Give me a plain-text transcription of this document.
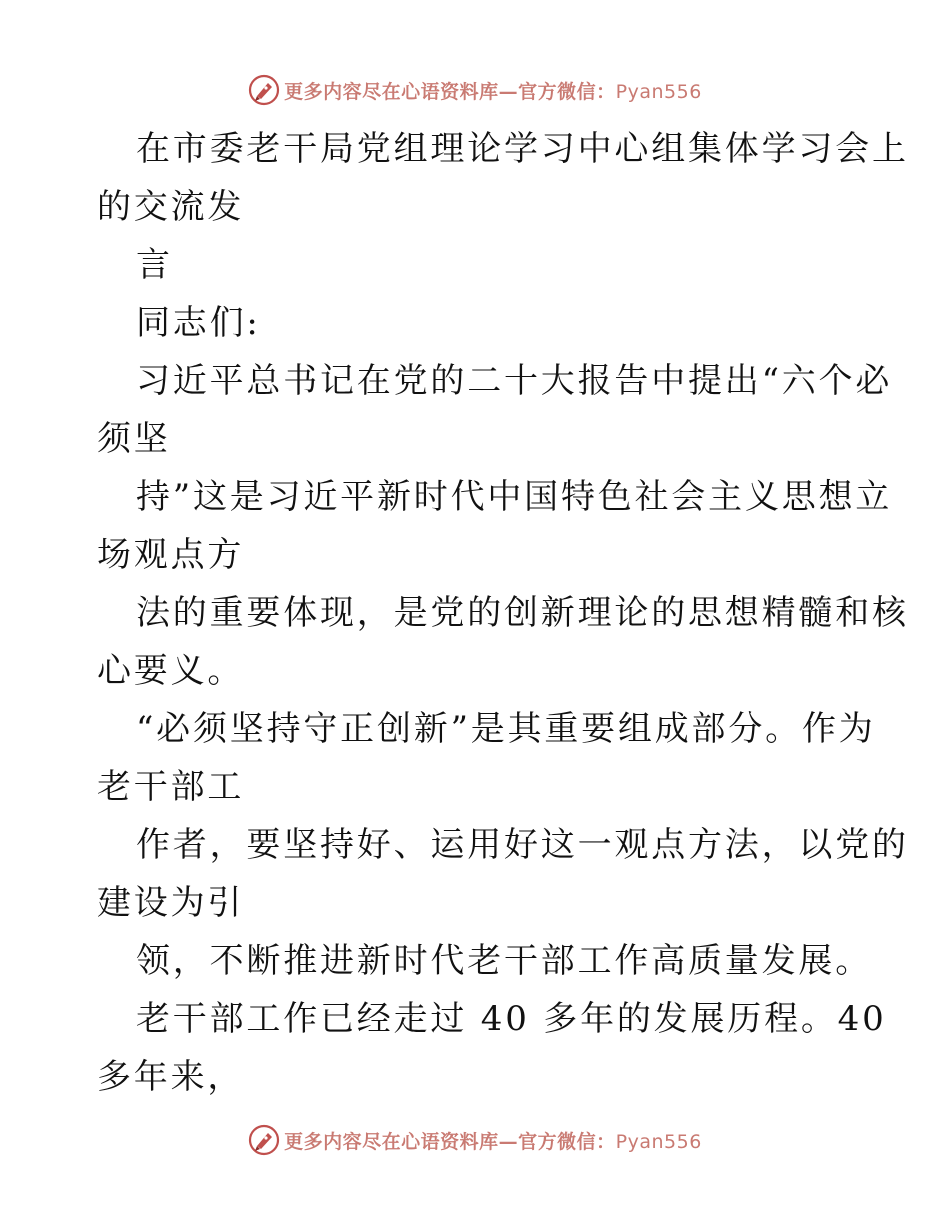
更多内容尽在心语资料库—官方微信：Pyan556
在市委老干局党组理论学习中心组集体学习会上
的交流发
言
同志们:
习近平总书记在党的二十大报告中提出“六个必
须坚
持”这是习近平新时代中国特色社会主义思想立
场观点方
法的重要体现，是党的创新理论的思想精髓和核
心要义。
“必须坚持守正创新”是其重要组成部分。作为
老干部工
作者，要坚持好、运用好这一观点方法，以党的
建设为引
领，不断推进新时代老干部工作高质量发展。
老干部工作已经走过 40 多年的发展历程。40
多年来，
更多内容尽在心语资料库—官方微信：Pyan556
